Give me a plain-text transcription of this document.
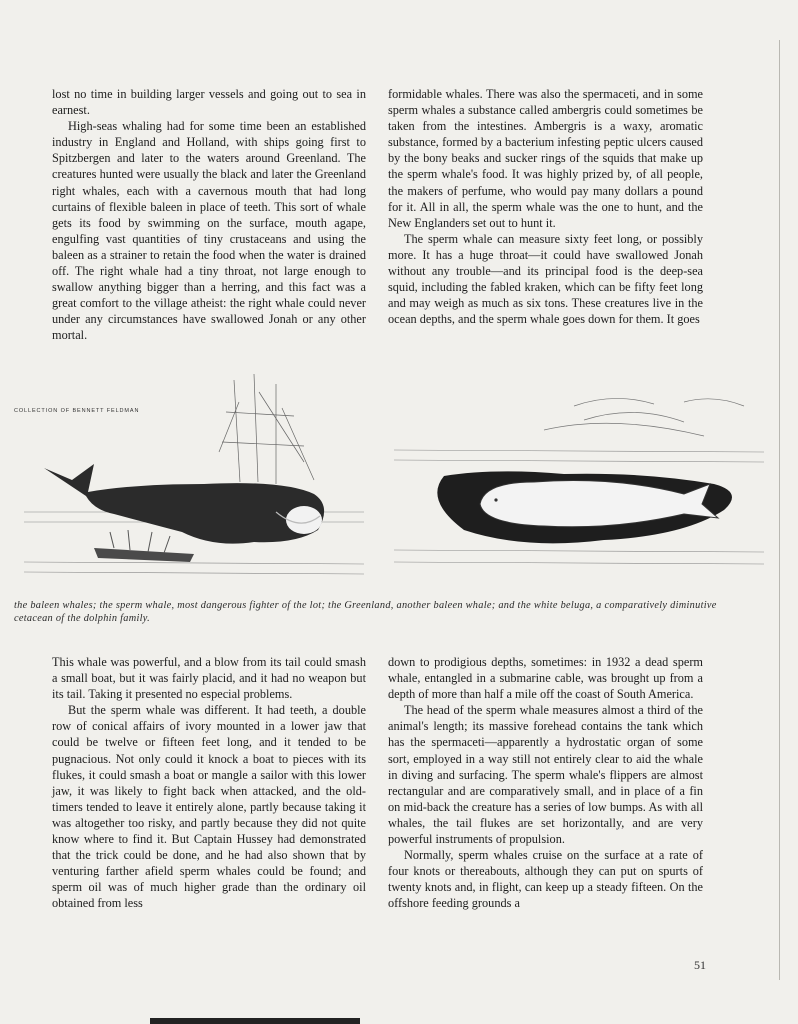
lost no time in building larger vessels and going out to sea in earnest.

High-seas whaling had for some time been an established industry in England and Holland, with ships going first to Spitzbergen and later to the waters around Greenland. The creatures hunted were usually the black and later the Greenland right whales, each with a cavernous mouth that had long curtains of flexible baleen in place of teeth. This sort of whale gets its food by swimming on the surface, mouth agape, engulfing vast quantities of tiny crustaceans and using the baleen as a strainer to retain the food when the water is drained off. The right whale had a tiny throat, not large enough to swallow anything bigger than a herring, and this fact was a great comfort to the village atheist: the right whale could never under any circumstances have swallowed Jonah or any other mortal.

formidable whales. There was also the spermaceti, and in some sperm whales a substance called ambergris could sometimes be taken from the intestines. Ambergris is a waxy, aromatic substance, formed by a bacterium infesting peptic ulcers caused by the bony beaks and sucker rings of the squids that make up the sperm whale's food. It was highly prized by, of all people, the makers of perfume, who would pay many dollars a pound for it. All in all, the sperm whale was the one to hunt, and the New Englanders set out to hunt it.

The sperm whale can measure sixty feet long, or possibly more. It has a huge throat—it could have swallowed Jonah without any trouble—and its principal food is the deep-sea squid, including the fabled kraken, which can be fifty feet long and may weigh as much as six tons. These creatures live in the ocean depths, and the sperm whale goes down for them. It goes

COLLECTION OF BENNETT FELDMAN
the baleen whales; the sperm whale, most dangerous fighter of the lot; the Greenland, another baleen whale; and the white beluga, a comparatively diminutive cetacean of the dolphin family.

This whale was powerful, and a blow from its tail could smash a small boat, but it was fairly placid, and it had no weapon but its tail. Taking it presented no especial problems.

But the sperm whale was different. It had teeth, a double row of conical affairs of ivory mounted in a lower jaw that could be twelve or fifteen feet long, and it tended to be pugnacious. Not only could it knock a boat to pieces with its flukes, it could smash a boat or mangle a sailor with this lower jaw, it was likely to fight back when attacked, and the old-timers tended to leave it entirely alone, partly because taking it was altogether too risky, and partly because they did not quite know where to find it. But Captain Hussey had demonstrated that the trick could be done, and he had also shown that by venturing farther afield sperm whales could be found; and sperm oil was of much higher grade than the ordinary oil obtained from less

down to prodigious depths, sometimes: in 1932 a dead sperm whale, entangled in a submarine cable, was brought up from a depth of more than half a mile off the coast of South America.

The head of the sperm whale measures almost a third of the animal's length; its massive forehead contains the tank which has the spermaceti—apparently a hydrostatic organ of some sort, employed in a way still not entirely clear to aid the whale in diving and surfacing. The sperm whale's flippers are almost rectangular and are comparatively small, and in place of a fin on mid-back the creature has a series of low bumps. As with all whales, the tail flukes are set horizontally, and are very powerful instruments of propulsion.

Normally, sperm whales cruise on the surface at a rate of four knots or thereabouts, although they can put on spurts of twenty knots and, in flight, can keep up a steady fifteen. On the offshore feeding grounds a

51
